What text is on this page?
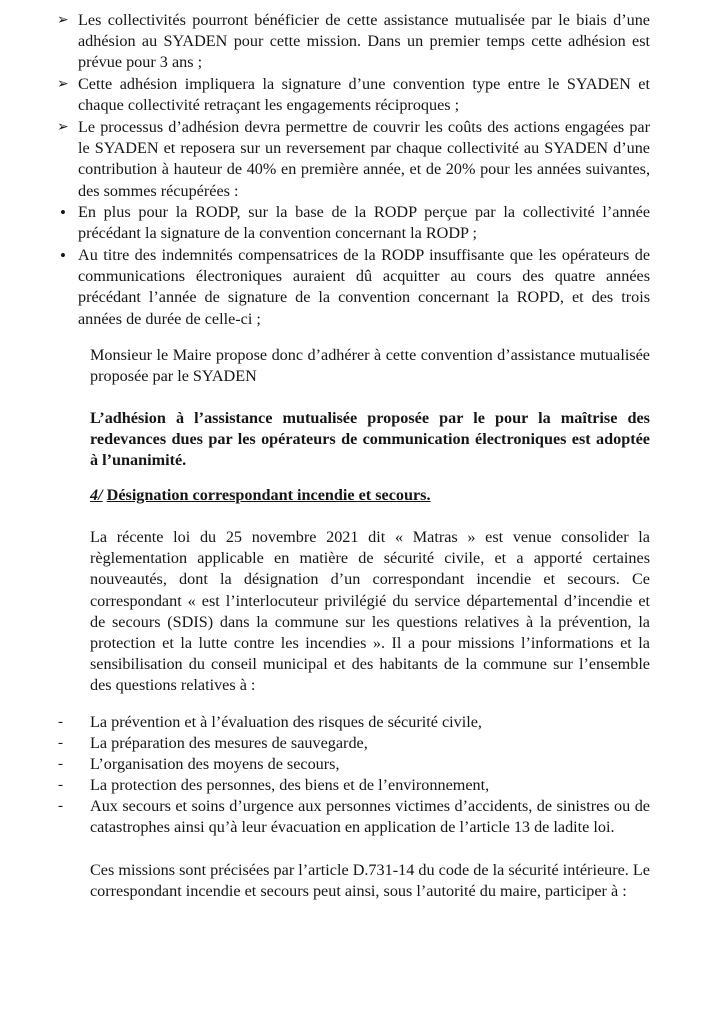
➢ Les collectivités pourront bénéficier de cette assistance mutualisée par le biais d’une adhésion au SYADEN pour cette mission. Dans un premier temps cette adhésion est prévue pour 3 ans ;
➢ Cette adhésion impliquera la signature d’une convention type entre le SYADEN et chaque collectivité retraçant les engagements réciproques ;
➢ Le processus d’adhésion devra permettre de couvrir les coûts des actions engagées par le SYADEN et reposera sur un reversement par chaque collectivité au SYADEN d’une contribution à hauteur de 40% en première année, et de 20% pour les années suivantes, des sommes récupérées :
• En plus pour la RODP, sur la base de la RODP perçue par la collectivité l’année précédant la signature de la convention concernant la RODP ;
• Au titre des indemnités compensatrices de la RODP insuffisante que les opérateurs de communications électroniques auraient dû acquitter au cours des quatre années précédant l’année de signature de la convention concernant la ROPD, et des trois années de durée de celle-ci ;
Monsieur le Maire propose donc d’adhérer à cette convention d’assistance mutualisée proposée par le SYADEN
L’adhésion à l’assistance mutualisée proposée par le pour la maîtrise des redevances dues par les opérateurs de communication électroniques est adoptée à l’unanimité.
4/ Désignation correspondant incendie et secours.
La récente loi du 25 novembre 2021 dit « Matras » est venue consolider la règlementation applicable en matière de sécurité civile, et a apporté certaines nouveautés, dont la désignation d’un correspondant incendie et secours. Ce correspondant « est l’interlocuteur privilégié du service départemental d’incendie et de secours (SDIS) dans la commune sur les questions relatives à la prévention, la protection et la lutte contre les incendies ». Il a pour missions l’informations et la sensibilisation du conseil municipal et des habitants de la commune sur l’ensemble des questions relatives à :
-	La prévention et à l’évaluation des risques de sécurité civile,
-	La préparation des mesures de sauvegarde,
-	L’organisation des moyens de secours,
-	La protection des personnes, des biens et de l’environnement,
-	Aux secours et soins d’urgence aux personnes victimes d’accidents, de sinistres ou de catastrophes ainsi qu’à leur évacuation en application de l’article 13 de ladite loi.
Ces missions sont précisées par l’article D.731-14 du code de la sécurité intérieure. Le correspondant incendie et secours peut ainsi, sous l’autorité du maire, participer à :
